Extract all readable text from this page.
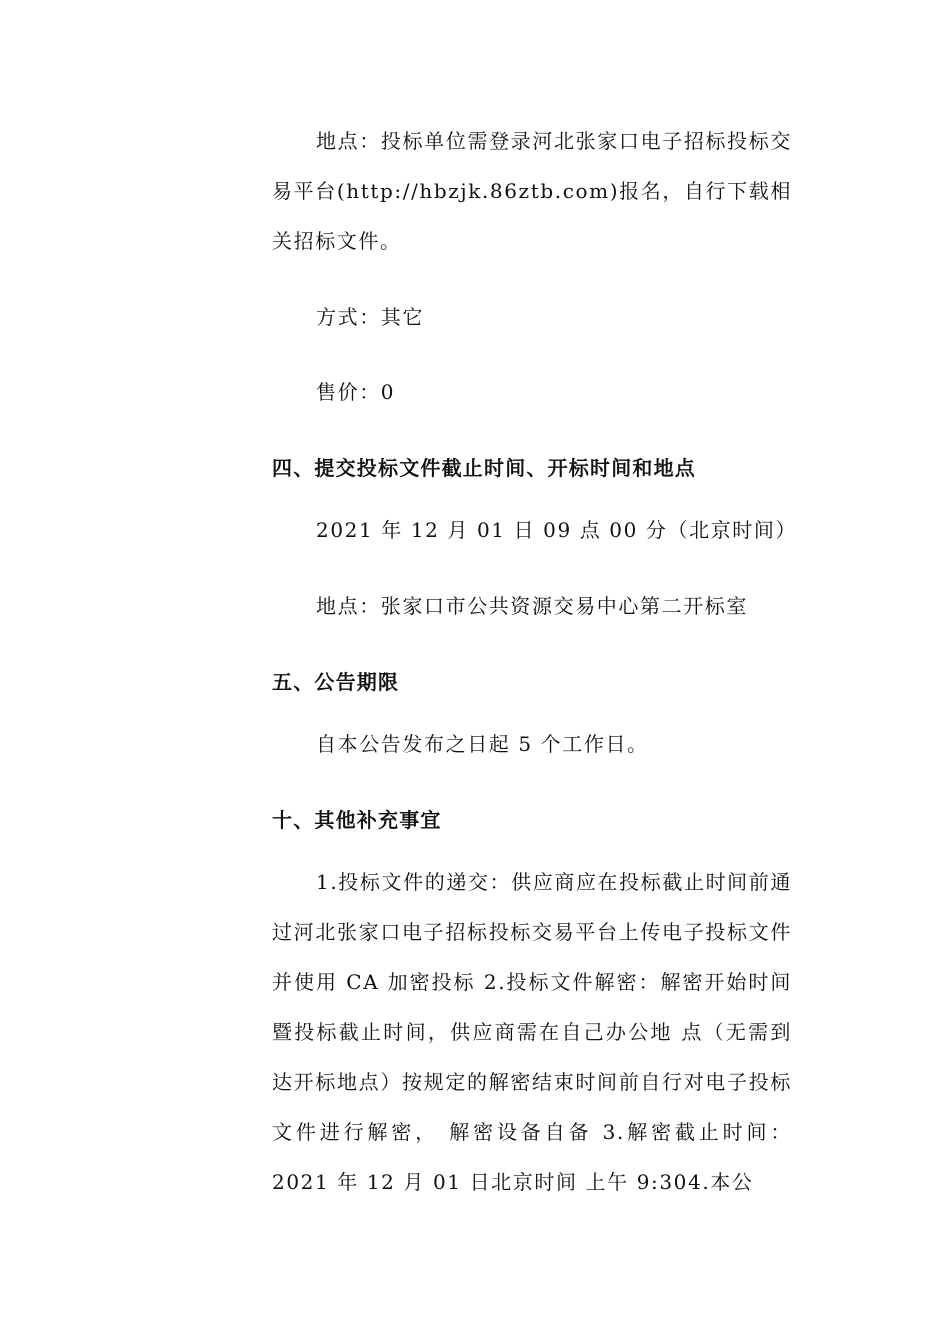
地点：投标单位需登录河北张家口电子招标投标交易平台(http://hbzjk.86ztb.com)报名，自行下载相关招标文件。

方式：其它

售价：0

四、提交投标文件截止时间、开标时间和地点

2021 年 12 月 01 日 09 点 00 分（北京时间）

地点：张家口市公共资源交易中心第二开标室

五、公告期限

自本公告发布之日起 5 个工作日。

十、其他补充事宜

1.投标文件的递交：供应商应在投标截止时间前通过河北张家口电子招标投标交易平台上传电子投标文件并使用 CA 加密投标 2.投标文件解密：解密开始时间暨投标截止时间，供应商需在自己办公地 点（无需到达开标地点）按规定的解密结束时间前自行对电子投标文件进行解密， 解密设备自备 3.解密截止时间：2021 年 12 月 01 日北京时间 上午 9:304.本公
